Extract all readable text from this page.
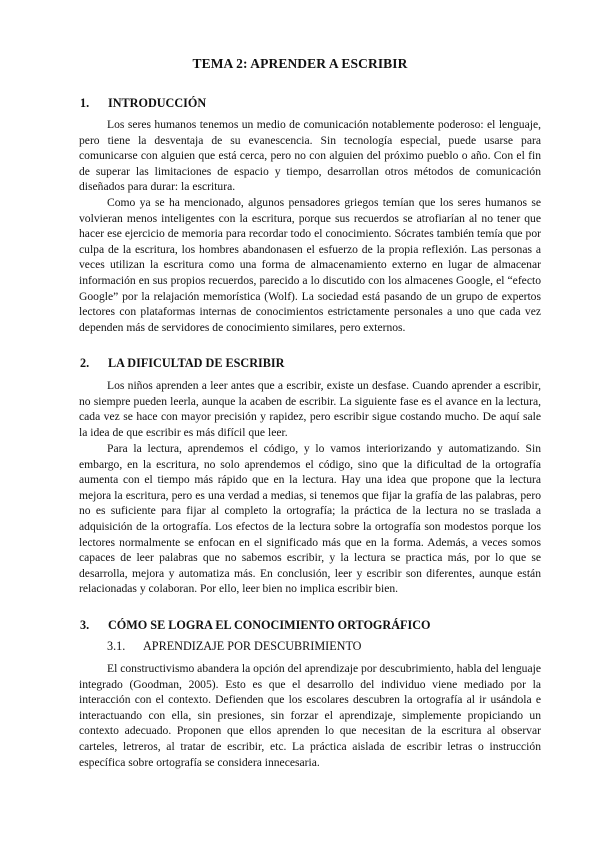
TEMA 2: APRENDER A ESCRIBIR
1. INTRODUCCIÓN

Los seres humanos tenemos un medio de comunicación notablemente poderoso: el lenguaje, pero tiene la desventaja de su evanescencia. Sin tecnología especial, puede usarse para comunicarse con alguien que está cerca, pero no con alguien del próximo pueblo o año. Con el fin de superar las limitaciones de espacio y tiempo, desarrollan otros métodos de comunicación diseñados para durar: la escritura.

Como ya se ha mencionado, algunos pensadores griegos temían que los seres humanos se volvieran menos inteligentes con la escritura, porque sus recuerdos se atrofiarían al no tener que hacer ese ejercicio de memoria para recordar todo el conocimiento. Sócrates también temía que por culpa de la escritura, los hombres abandonasen el esfuerzo de la propia reflexión. Las personas a veces utilizan la escritura como una forma de almacenamiento externo en lugar de almacenar información en sus propios recuerdos, parecido a lo discutido con los almacenes Google, el “efecto Google” por la relajación memorística (Wolf). La sociedad está pasando de un grupo de expertos lectores con plataformas internas de conocimientos estrictamente personales a uno que cada vez dependen más de servidores de conocimiento similares, pero externos.

2. LA DIFICULTAD DE ESCRIBIR

Los niños aprenden a leer antes que a escribir, existe un desfase. Cuando aprender a escribir, no siempre pueden leerla, aunque la acaben de escribir. La siguiente fase es el avance en la lectura, cada vez se hace con mayor precisión y rapidez, pero escribir sigue costando mucho. De aquí sale la idea de que escribir es más difícil que leer.

Para la lectura, aprendemos el código, y lo vamos interiorizando y automatizando. Sin embargo, en la escritura, no solo aprendemos el código, sino que la dificultad de la ortografía aumenta con el tiempo más rápido que en la lectura. Hay una idea que propone que la lectura mejora la escritura, pero es una verdad a medias, si tenemos que fijar la grafía de las palabras, pero no es suficiente para fijar al completo la ortografía; la práctica de la lectura no se traslada a adquisición de la ortografía. Los efectos de la lectura sobre la ortografía son modestos porque los lectores normalmente se enfocan en el significado más que en la forma. Además, a veces somos capaces de leer palabras que no sabemos escribir, y la lectura se practica más, por lo que se desarrolla, mejora y automatiza más. En conclusión, leer y escribir son diferentes, aunque están relacionadas y colaboran. Por ello, leer bien no implica escribir bien.

3. CÓMO SE LOGRA EL CONOCIMIENTO ORTOGRÁFICO
3.1. APRENDIZAJE POR DESCUBRIMIENTO

El constructivismo abandera la opción del aprendizaje por descubrimiento, habla del lenguaje integrado (Goodman, 2005). Esto es que el desarrollo del individuo viene mediado por la interacción con el contexto. Defienden que los escolares descubren la ortografía al ir usándola e interactuando con ella, sin presiones, sin forzar el aprendizaje, simplemente propiciando un contexto adecuado. Proponen que ellos aprenden lo que necesitan de la escritura al observar carteles, letreros, al tratar de escribir, etc. La práctica aislada de escribir letras o instrucción específica sobre ortografía se considera innecesaria.
